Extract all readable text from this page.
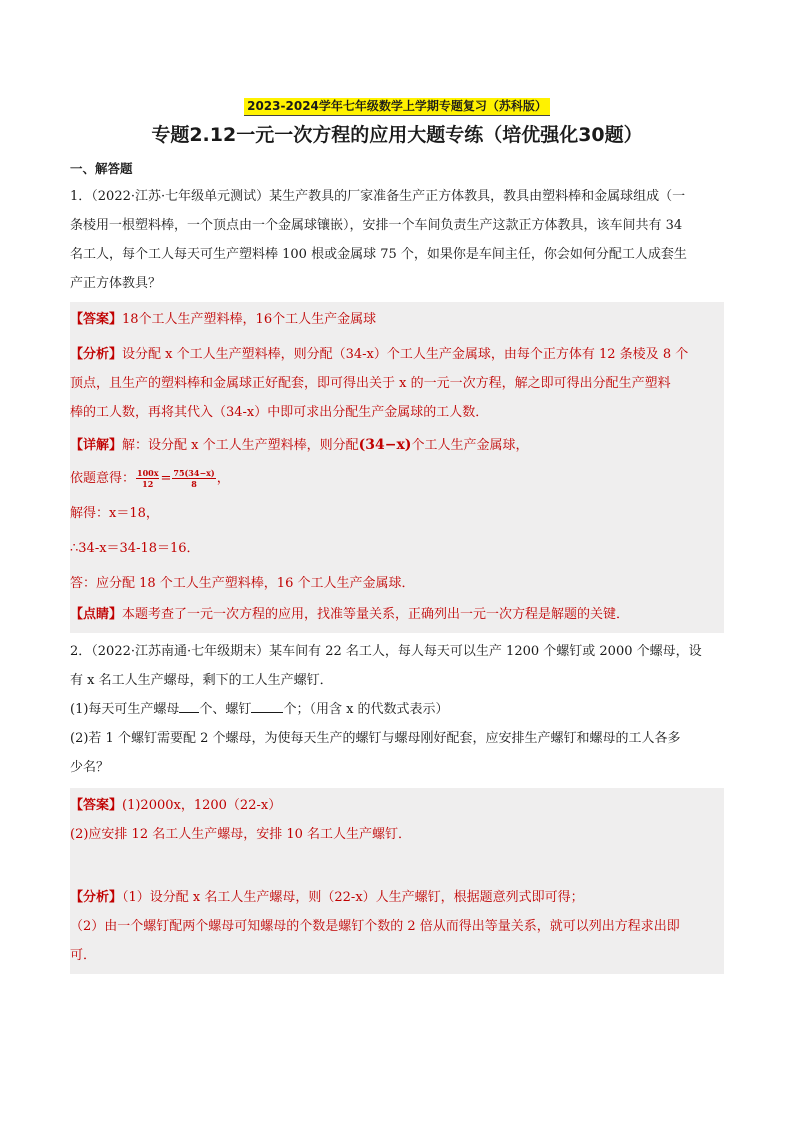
2023-2024学年七年级数学上学期专题复习（苏科版）
专题2.12一元一次方程的应用大题专练（培优强化30题）
一、解答题

1．（2022·江苏·七年级单元测试）某生产教具的厂家准备生产正方体教具，教具由塑料棒和金属球组成（一

条棱用一根塑料棒，一个顶点由一个金属球镶嵌），安排一个车间负责生产这款正方体教具，该车间共有 34

名工人，每个工人每天可生产塑料棒 100 根或金属球 75 个，如果你是车间主任，你会如何分配工人成套生

产正方体教具？

【答案】18个工人生产塑料棒，16个工人生产金属球

【分析】设分配 x 个工人生产塑料棒，则分配（34-x）个工人生产金属球，由每个正方体有 12 条棱及 8 个

顶点，且生产的塑料棒和金属球正好配套，即可得出关于 x 的一元一次方程，解之即可得出分配生产塑料

棒的工人数，再将其代入（34-x）中即可求出分配生产金属球的工人数．

【详解】解：设分配 x 个工人生产塑料棒，则分配(34−x)个工人生产金属球，

依题意得： $\frac{100x}{12} = \frac{75(34-x)}{8}$ ，

解得：x＝18，

∴34-x＝34-18＝16．

答：应分配 18 个工人生产塑料棒，16 个工人生产金属球．

【点睛】本题考查了一元一次方程的应用，找准等量关系，正确列出一元一次方程是解题的关键．

2．（2022·江苏南通·七年级期末）某车间有 22 名工人，每人每天可以生产 1200 个螺钉或 2000 个螺母，设

有 x 名工人生产螺母，剩下的工人生产螺钉．

(1)每天可生产螺母 个、螺钉 个；（用含 x 的代数式表示）

(2)若 1 个螺钉需要配 2 个螺母，为使每天生产的螺钉与螺母刚好配套，应安排生产螺钉和螺母的工人各多

少名？

【答案】(1)2000x，1200（22-x）

(2)应安排 12 名工人生产螺母，安排 10 名工人生产螺钉．

【分析】（1）设分配 x 名工人生产螺母，则（22-x）人生产螺钉，根据题意列式即可得；

（2）由一个螺钉配两个螺母可知螺母的个数是螺钉个数的 2 倍从而得出等量关系，就可以列出方程求出即

可．
